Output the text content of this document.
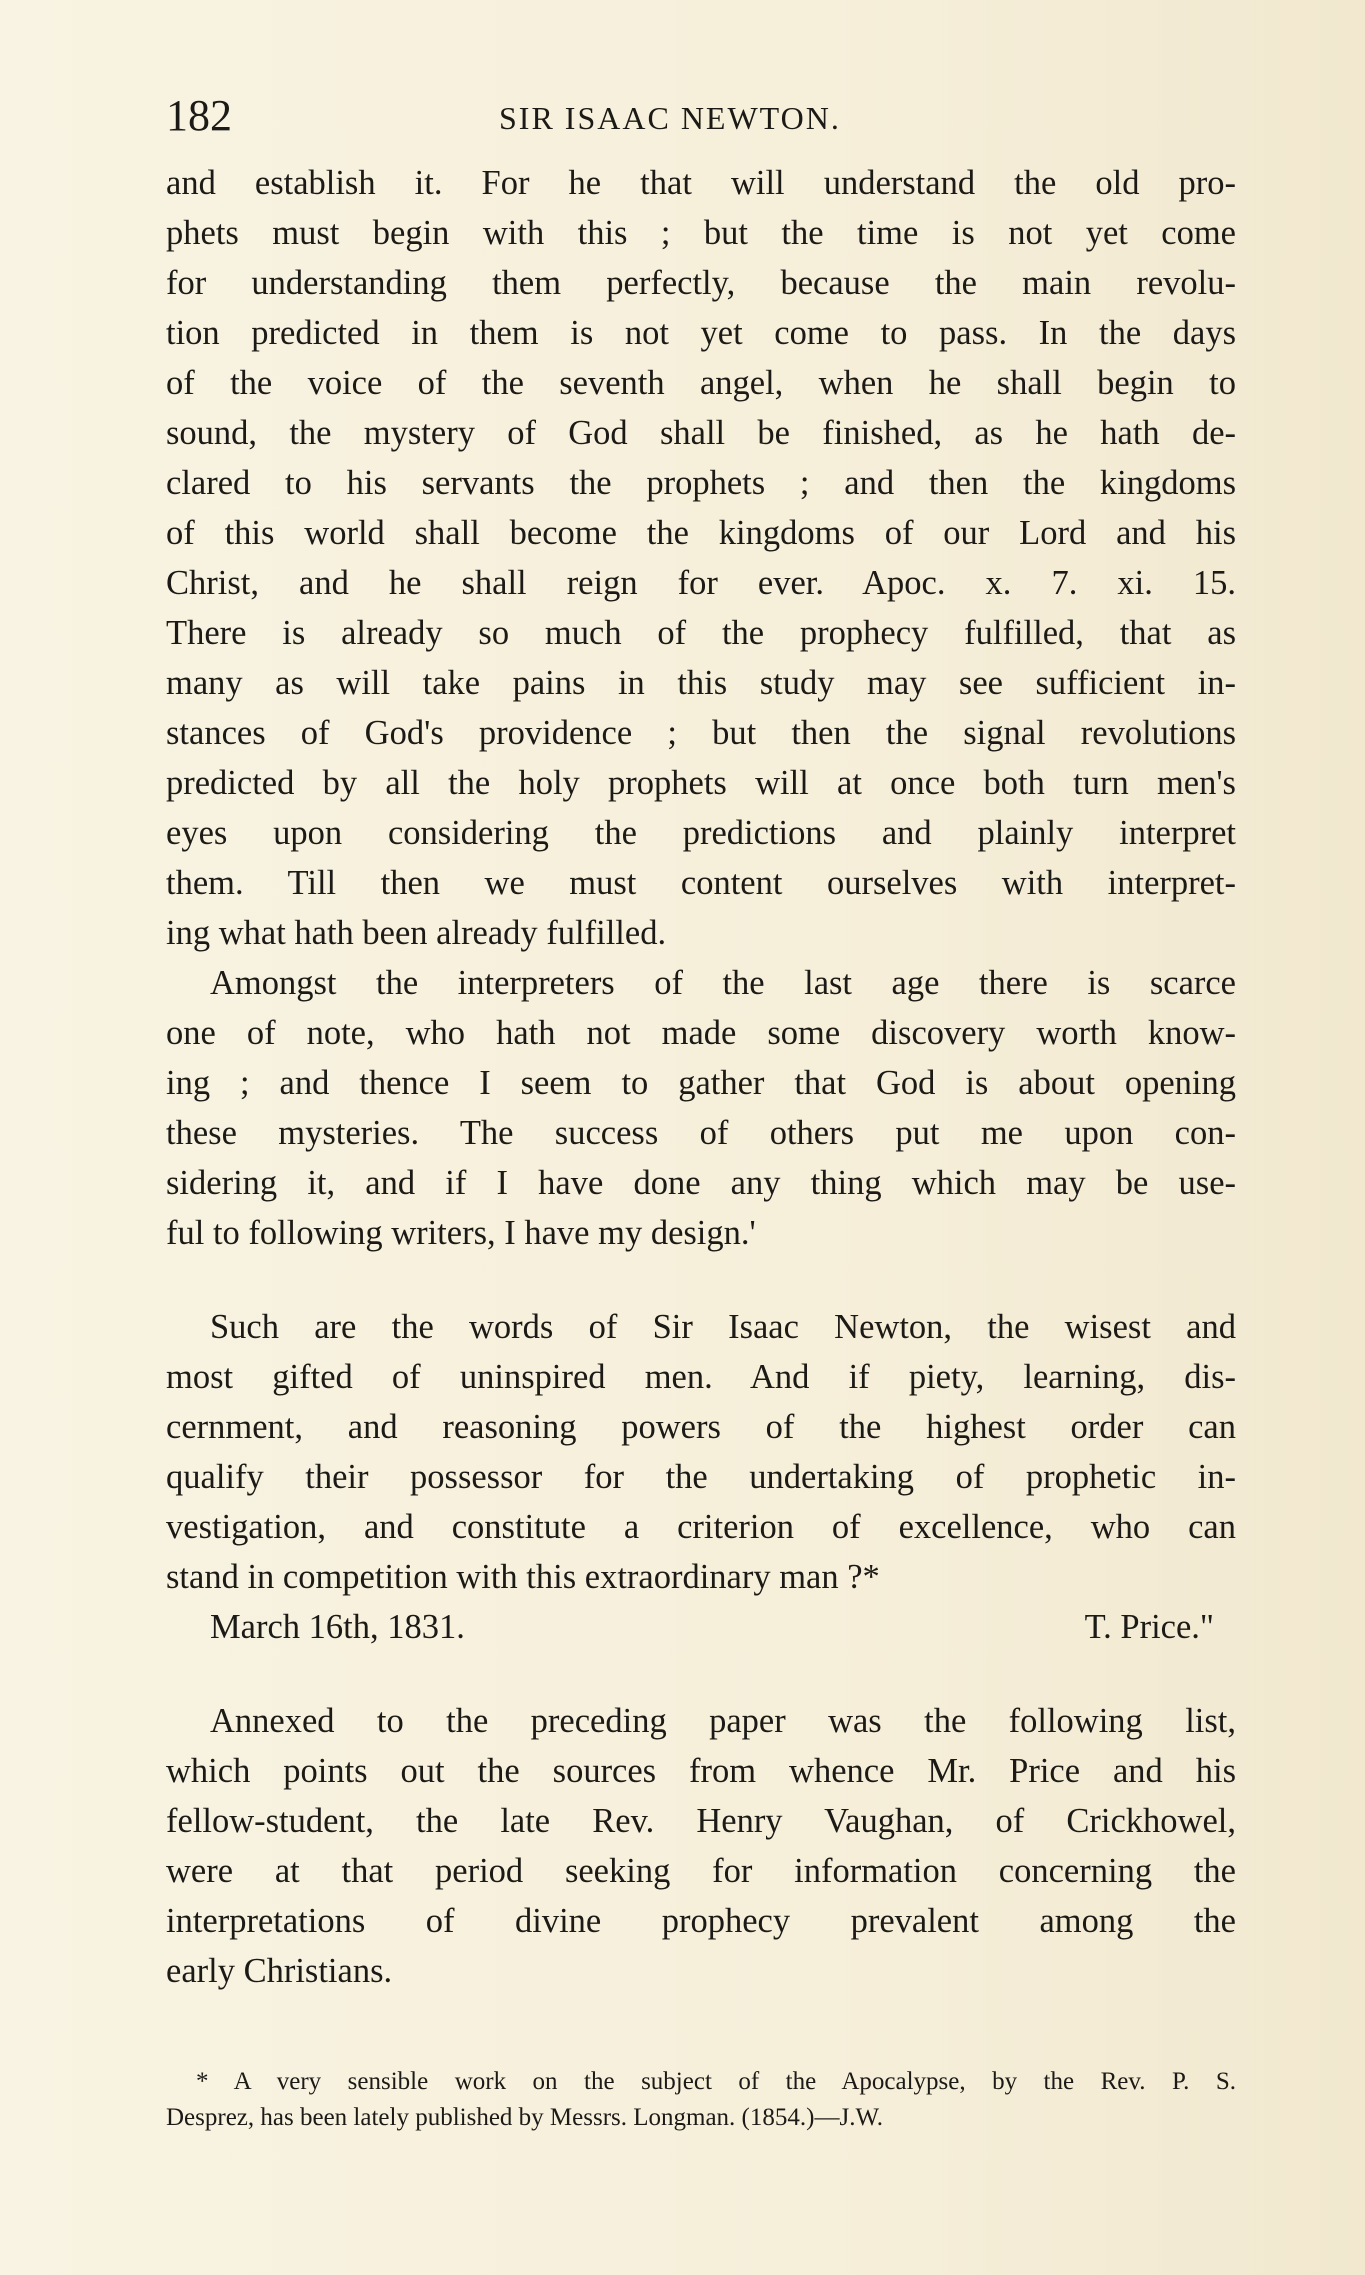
182	SIR ISAAC NEWTON.
and establish it. For he that will understand the old pro-
phets must begin with this ; but the time is not yet come
for understanding them perfectly, because the main revolu-
tion predicted in them is not yet come to pass. In the days
of the voice of the seventh angel, when he shall begin to
sound, the mystery of God shall be finished, as he hath de-
clared to his servants the prophets ; and then the kingdoms
of this world shall become the kingdoms of our Lord and his
Christ, and he shall reign for ever. Apoc. x. 7. xi. 15.
There is already so much of the prophecy fulfilled, that as
many as will take pains in this study may see sufficient in-
stances of God's providence ; but then the signal revolutions
predicted by all the holy prophets will at once both turn men's
eyes upon considering the predictions and plainly interpret
them. Till then we must content ourselves with interpret-
ing what hath been already fulfilled.
Amongst the interpreters of the last age there is scarce
one of note, who hath not made some discovery worth know-
ing ; and thence I seem to gather that God is about opening
these mysteries. The success of others put me upon con-
sidering it, and if I have done any thing which may be use-
ful to following writers, I have my design.'
Such are the words of Sir Isaac Newton, the wisest and
most gifted of uninspired men. And if piety, learning, dis-
cernment, and reasoning powers of the highest order can
qualify their possessor for the undertaking of prophetic in-
vestigation, and constitute a criterion of excellence, who can
stand in competition with this extraordinary man ?*
March 16th, 1831.	T. Price."
Annexed to the preceding paper was the following list,
which points out the sources from whence Mr. Price and his
fellow-student, the late Rev. Henry Vaughan, of Crickhowel,
were at that period seeking for information concerning the
interpretations of divine prophecy prevalent among the
early Christians.
* A very sensible work on the subject of the Apocalypse, by the Rev. P. S.
Desprez, has been lately published by Messrs. Longman. (1854.)—J.W.
